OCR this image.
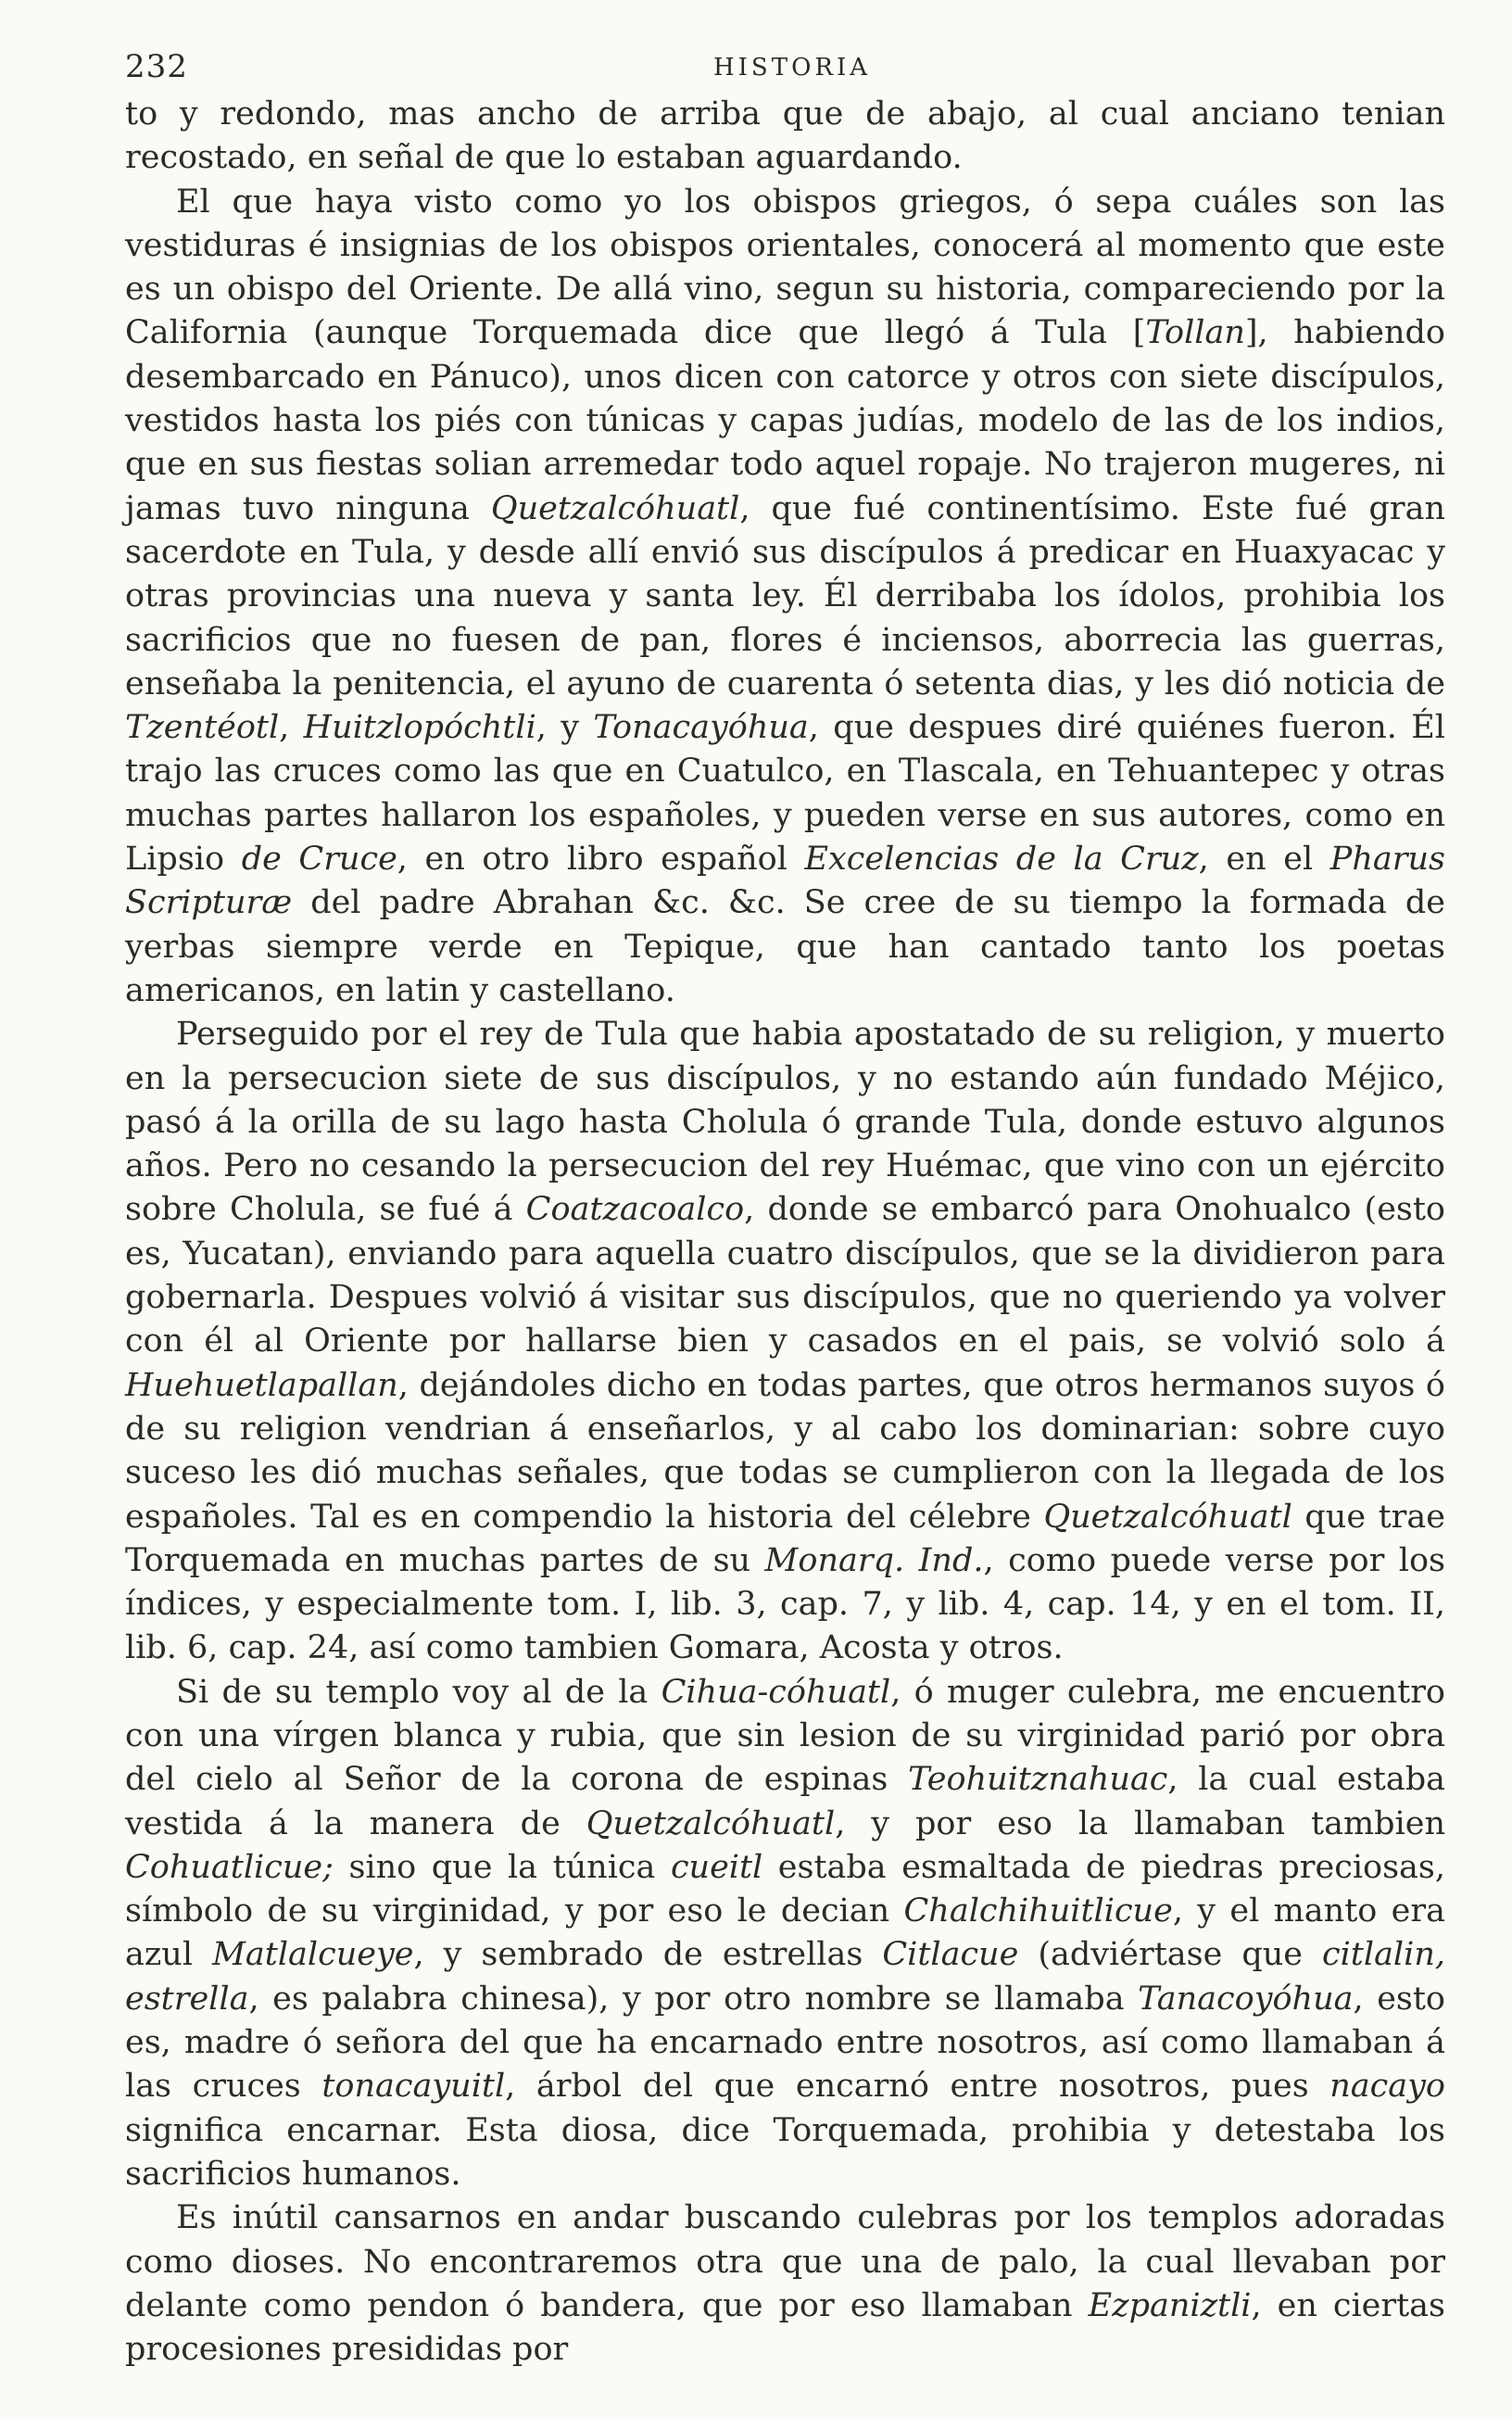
232	HISTORIA

to y redondo, mas ancho de arriba que de abajo, al cual anciano tenian recostado, en señal de que lo estaban aguardando.

El que haya visto como yo los obispos griegos, ó sepa cuáles son las vestiduras é insignias de los obispos orientales, conocerá al momento que este es un obispo del Oriente. De allá vino, segun su historia, compareciendo por la California (aunque Torquemada dice que llegó á Tula [Tollan], habiendo desembarcado en Pánuco), unos dicen con catorce y otros con siete discípulos, vestidos hasta los piés con túnicas y capas judías, modelo de las de los indios, que en sus fiestas solian arremedar todo aquel ropaje. No trajeron mugeres, ni jamas tuvo ninguna Quetzalcóhuatl, que fué continentísimo. Este fué gran sacerdote en Tula, y desde allí envió sus discípulos á predicar en Huaxyacac y otras provincias una nueva y santa ley. Él derribaba los ídolos, prohibia los sacrificios que no fuesen de pan, flores é inciensos, aborrecia las guerras, enseñaba la penitencia, el ayuno de cuarenta ó setenta dias, y les dió noticia de Tzentéotl, Huitzlopóchtli, y Tonacayóhua, que despues diré quiénes fueron. Él trajo las cruces como las que en Cuatulco, en Tlascala, en Tehuantepec y otras muchas partes hallaron los españoles, y pueden verse en sus autores, como en Lipsio de Cruce, en otro libro español Excelencias de la Cruz, en el Pharus Scripturæ del padre Abrahan &c. &c. Se cree de su tiempo la formada de yerbas siempre verde en Tepique, que han cantado tanto los poetas americanos, en latin y castellano.

Perseguido por el rey de Tula que habia apostatado de su religion, y muerto en la persecucion siete de sus discípulos, y no estando aún fundado Méjico, pasó á la orilla de su lago hasta Cholula ó grande Tula, donde estuvo algunos años. Pero no cesando la persecucion del rey Huémac, que vino con un ejército sobre Cholula, se fué á Coatzacoalco, donde se embarcó para Onohualco (esto es, Yucatan), enviando para aquella cuatro discípulos, que se la dividieron para gobernarla. Despues volvió á visitar sus discípulos, que no queriendo ya volver con él al Oriente por hallarse bien y casados en el pais, se volvió solo á Huehuetlapallan, dejándoles dicho en todas partes, que otros hermanos suyos ó de su religion vendrian á enseñarlos, y al cabo los dominarian: sobre cuyo suceso les dió muchas señales, que todas se cumplieron con la llegada de los españoles. Tal es en compendio la historia del célebre Quetzalcóhuatl que trae Torquemada en muchas partes de su Monarq. Ind., como puede verse por los índices, y especialmente tom. I, lib. 3, cap. 7, y lib. 4, cap. 14, y en el tom. II, lib. 6, cap. 24, así como tambien Gomara, Acosta y otros.

Si de su templo voy al de la Cihua-cóhuatl, ó muger culebra, me encuentro con una vírgen blanca y rubia, que sin lesion de su virginidad parió por obra del cielo al Señor de la corona de espinas Teohuitznahuac, la cual estaba vestida á la manera de Quetzalcóhuatl, y por eso la llamaban tambien Cohuatlicue; sino que la túnica cueitl estaba esmaltada de piedras preciosas, símbolo de su virginidad, y por eso le decian Chalchihuitlicue, y el manto era azul Matlalcueye, y sembrado de estrellas Citlacue (adviértase que citlalin, estrella, es palabra chinesa), y por otro nombre se llamaba Tanacoyóhua, esto es, madre ó señora del que ha encarnado entre nosotros, así como llamaban á las cruces tonacayuitl, árbol del que encarnó entre nosotros, pues nacayo significa encarnar. Esta diosa, dice Torquemada, prohibia y detestaba los sacrificios humanos.

Es inútil cansarnos en andar buscando culebras por los templos adoradas como dioses. No encontraremos otra que una de palo, la cual llevaban por delante como pendon ó bandera, que por eso llamaban Ezpaniztli, en ciertas procesiones presididas por
